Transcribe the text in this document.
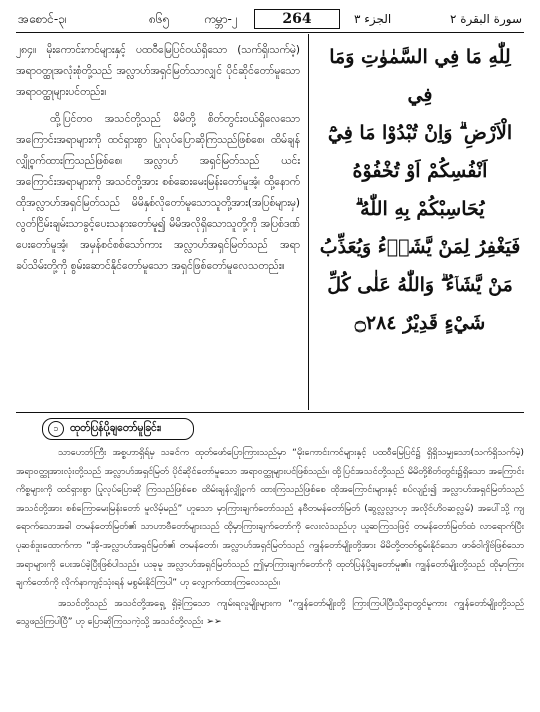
အစောင်-၃၊	၈၆၅	ကမ္ဘာ-၂	264	الجزء ٣	سورة البقرة ٢

၂၈၄။ မိုးကောင်းကင်များနှင့် ပထဝီမြေပြင်ဝယ်ရှိသော (သက်ရှိ၊သက်မဲ့) အရာဝတ္ထုအလုံးစုံတို့သည် အလ္လာဟ်အရှင်မြတ်သာလျှင် ပိုင်ဆိုင်တော်မူသော အရာဝတ္ထုများပင်တည်း။

ထို့ပြင်တဝ အသင်တို့သည် မိမိတို့ စိတ်တွင်းဝယ်ရှိလေသော အကြောင်းအရာများကို ထင်ရှားစွာ ပြုလုပ်ပြောဆိုကြသည်ဖြစ်စေ၊ ထိမ်ချန်လျှို့ဝှက်ထားကြသည်ဖြစ်စေ၊ အလ္လာဟ် အရှင်မြတ်သည် ယင်းအကြောင်းအရာများကို အသင်တို့အား စစ်ဆေးမေးမြန်းတော်မူအံ့၊ ထို့နောက်ထိုအလ္လာဟ်အရှင်မြတ်သည် မိမိနှစ်လိုတော်မူသောသူတို့အား(အပြစ်များမှ) လွတ်ငြိမ်းချမ်းသာခွင့်ပေးသနားတော်မူ၍ မိမိအလိုရှိသောသူတို့ကို အပြစ်ဒဏ်ပေးတော်မူအံ့၊ အမှန်စင်စစ်သော်ကား အလ္လာဟ်အရှင်မြတ်သည် အရာခပ်သိမ်းတို့ကို စွမ်းဆောင်နိုင်တော်မူသော အရှင်ဖြစ်တော်မူလေသတည်း။

لِلّٰهِ مَا فِي السَّمٰوٰتِ وَمَا فِي
الْاَرْضِ ۗ وَاِنْ تُبْدُوْا مَا فِيْٓ
اَنْفُسِكُمْ اَوْ تُخْفُوْهُ
يُحَاسِبْكُمْ بِهِ اللّٰهُ ۗ
فَيَغْفِرُ لِمَنْ يَّشَاۤءُ وَيُعَذِّبُ
مَنْ يَّشَاۤءُ ۗ وَاللّٰهُ عَلٰى كُلِّ
شَيْءٍ قَدِيْرٌ ۝٢٨٤
၁	ထုတ်ပြန်ပို့ချတော်မူခြင်း၊

သာဟေဘ်ကြီး အစ္စဟာရှိရ်မှ သခင်က ထုတ်ဖော်ပြောကြားသည်မှာ “မိုးကောင်းကင်များနှင့် ပထဝီမြေပြင်၌ ရှိရှိသမျှသော(သက်ရှိသက်မဲ့) အရာဝတ္ထုအားလုံးတို့သည် အလ္လာဟ်အရှင်မြတ် ပိုင်ဆိုင်တော်မူသော အရာဝတ္ထုများပင်ဖြစ်သည်။ ထို့ပြင်အသင်တို့သည် မိမိတို့စိတ်တွင်း၌ရှိသော အကြောင်းကိစ္စများကို ထင်ရှားစွာ ပြုလုပ်ပြောဆို ကြသည်ဖြစ်စေ ထိမ်းချန်လျှို့ဝှက် ထားကြသည်ဖြစ်စေ ထိုအကြောင်းများနှင့် စပ်လျဉ်း၍ အလ္လာဟ်အရှင်မြတ်သည် အသင်တို့အား စစ်ကြောမေးမြန်းတော် မူလိမ့်မည်” ဟူသော မှာကြားချက်တော်သည် နဗီတမန်တော်မြတ် (ဆွလ္လလ္လာဟု အလိုင်ဟိဝဆလ္လမ်) အပေါ်သို့ ကျရောက်သောအခါ တမန်တော်မြတ်၏ သာဟာဗီတော်များသည် ထိုမှာကြားချက်တော်ကို လေးလံသည်ဟု ယူဆကြသဖြင့် တမန်တော်မြတ်ထံ လာရောက်ပြီး ပုဆစ်ဒူးထောက်ကာ “အို-အလ္လာဟ်အရှင်မြတ်၏ တမန်တော်၊ အလ္လာဟ်အရှင်မြတ်သည် ကျွန်တော်မျိုးတို့အား မိမိတို့တတ်စွမ်းနိုင်သော ဖာဓ်ဝါဂျိဗ်ဖြစ်သော အရာများကို ပေးအပ်ခဲ့ပြီးဖြစ်ပါသည်။ ယခုမူ အလ္လာဟ်အရှင်မြတ်သည် ဤမှာကြားချက်တော်ကို ထုတ်ပြန်ပို့ချတော်မူ၏။ ကျွန်တော်မျိုးတို့သည် ထိုမှာကြားချက်တော်ကို လိုက်နာကျင့်သုံးရန် မစွမ်းနိုင်ကြပါ” ဟု လျှောက်ထားကြလေသည်။

အသင်တို့သည် အသင်တို့အရှေ့ ရှိခဲ့ကြသော ကျမ်းရလူမျိုးများက “ကျွန်တော်မျိုးတို့ ကြားကြပါပြီ၊သို့ရာတွင်မူကား ကျွန်တော်မျိုးတို့သည် သွေဖည်ကြပါပြီ” ဟု ပြောဆိုကြသကဲ့သို့ အသင်တို့လည်း ➢➢
